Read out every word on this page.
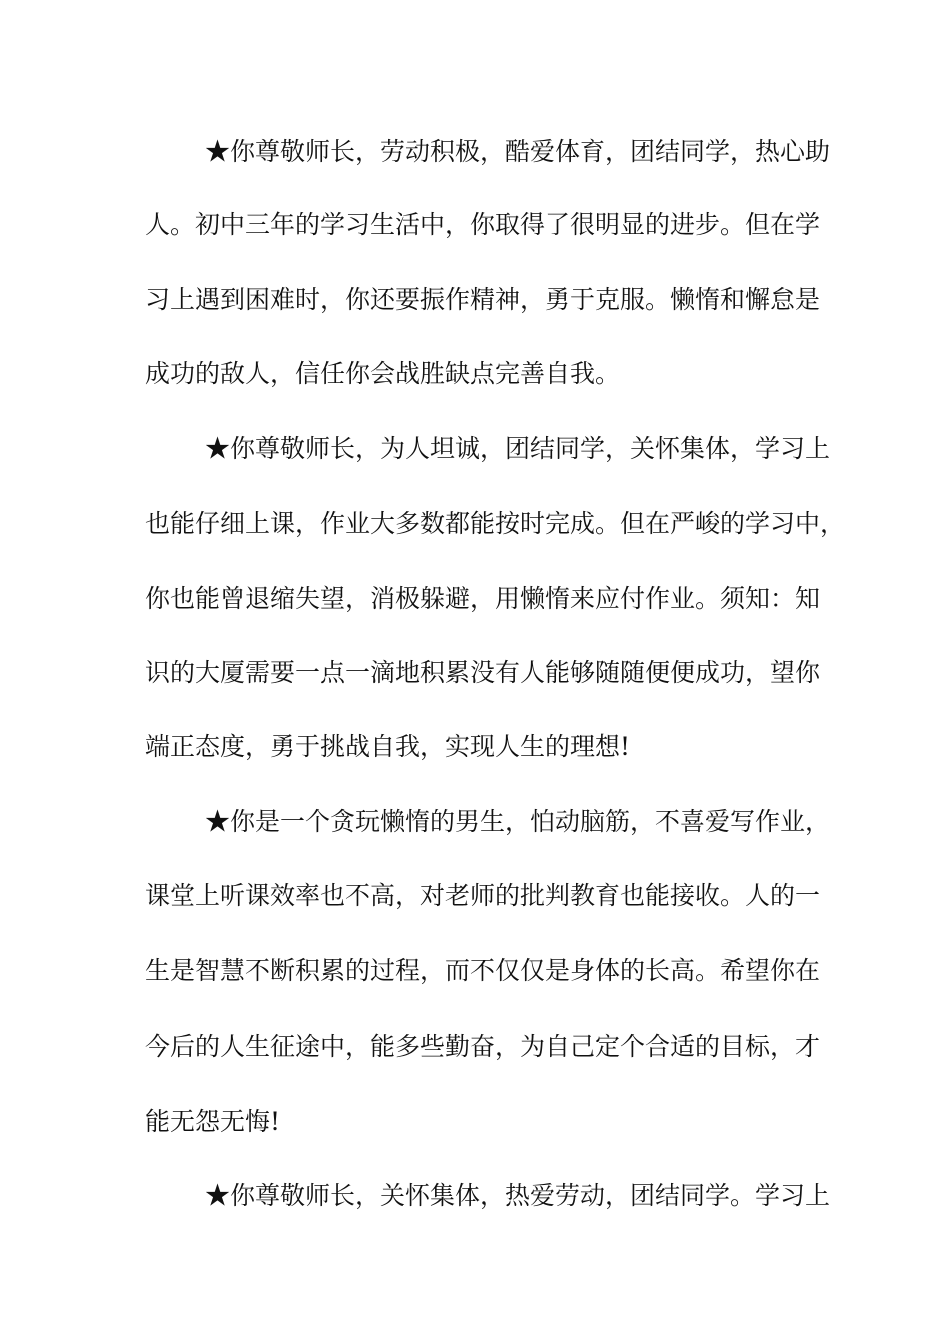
★你尊敬师长，劳动积极，酷爱体育，团结同学，热心助
人。初中三年的学习生活中，你取得了很明显的进步。但在学
习上遇到困难时，你还要振作精神，勇于克服。懒惰和懈怠是
成功的敌人，信任你会战胜缺点完善自我。
★你尊敬师长，为人坦诚，团结同学，关怀集体，学习上
也能仔细上课，作业大多数都能按时完成。但在严峻的学习中，
你也能曾退缩失望，消极躲避，用懒惰来应付作业。须知：知
识的大厦需要一点一滴地积累没有人能够随随便便成功，望你
端正态度，勇于挑战自我，实现人生的理想!
★你是一个贪玩懒惰的男生，怕动脑筋，不喜爱写作业，
课堂上听课效率也不高，对老师的批判教育也能接收。人的一
生是智慧不断积累的过程，而不仅仅是身体的长高。希望你在
今后的人生征途中，能多些勤奋，为自己定个合适的目标，才
能无怨无悔!
★你尊敬师长，关怀集体，热爱劳动，团结同学。学习上
